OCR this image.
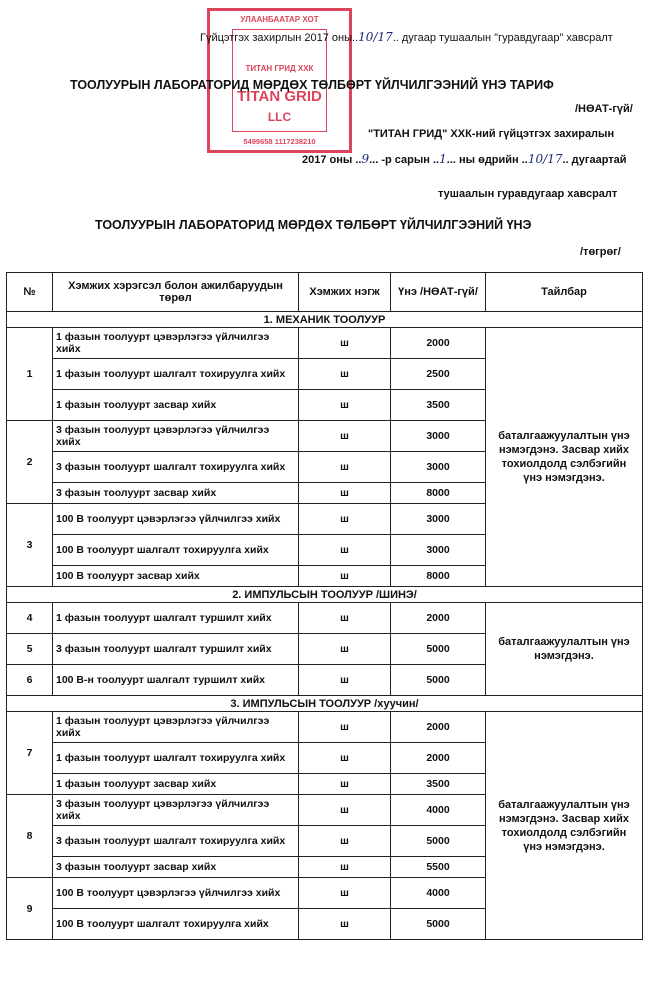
УЛААНБААТАР ХОТ
ТИТАН ГРИД ХХК
TITAN GRID
LLC
5499658 1117238210
Гүйцэтгэх захирлын 2017 оны..10/17.. дугаар тушаалын "гуравдугаар" хавсралт
ТООЛУУРЫН ЛАБОРАТОРИД МӨРДӨХ ТӨЛБӨРТ ҮЙЛЧИЛГЭЭНИЙ ҮНЭ ТАРИФ
/НӨАТ-гүй/
"ТИТАН ГРИД" ХХК-ний гүйцэтгэх захиралын
2017 оны ..9... -р сарын ..1... ны өдрийн ..10/17.. дугаартай
тушаалын гуравдугаар хавсралт
ТООЛУУРЫН ЛАБОРАТОРИД МӨРДӨХ ТӨЛБӨРТ ҮЙЛЧИЛГЭЭНИЙ ҮНЭ
/төгрөг/
№	Хэмжих хэрэгсэл болон ажилбаруудын төрөл	Хэмжих нэгж	Үнэ /НӨАТ-гүй/	Тайлбар
1. МЕХАНИК ТООЛУУР				
1	1 фазын тоолуурт цэвэрлэгээ үйлчилгээ хийх	ш	2000	баталгаажуулалтын үнэ нэмэгдэнэ. Засвар хийх тохиолдолд сэлбэгийн үнэ нэмэгдэнэ.
	1 фазын тоолуурт шалгалт тохируулга хийх	ш	2500	
	1 фазын тоолуурт засвар хийх	ш	3500	
2	3 фазын тоолуурт цэвэрлэгээ үйлчилгээ хийх	ш	3000	
	3 фазын тоолуурт шалгалт тохируулга хийх	ш	3000	
	3 фазын тоолуурт засвар хийх	ш	8000	
3	100 В тоолуурт цэвэрлэгээ үйлчилгээ хийх	ш	3000	
	100 В тоолуурт шалгалт тохируулга хийх	ш	3000	
	100 В тоолуурт засвар хийх	ш	8000	
2. ИМПУЛЬСЫН ТООЛУУР /ШИНЭ/				
4	1 фазын тоолуурт шалгалт туршилт хийх	ш	2000	баталгаажуулалтын үнэ нэмэгдэнэ.
5	3 фазын тоолуурт шалгалт туршилт хийх	ш	5000	
6	100 В-н тоолуурт шалгалт туршилт хийх	ш	5000	
3. ИМПУЛЬСЫН ТООЛУУР /хуучин/				
7	1 фазын тоолуурт цэвэрлэгээ үйлчилгээ хийх	ш	2000	баталгаажуулалтын үнэ нэмэгдэнэ. Засвар хийх тохиолдолд сэлбэгийн үнэ нэмэгдэнэ.
	1 фазын тоолуурт шалгалт тохируулга хийх	ш	2000	
	1 фазын тоолуурт засвар хийх	ш	3500	
8	3 фазын тоолуурт цэвэрлэгээ үйлчилгээ хийх	ш	4000	
	3 фазын тоолуурт шалгалт тохируулга хийх	ш	5000	
	3 фазын тоолуурт засвар хийх	ш	5500	
9	100 В тоолуурт цэвэрлэгээ үйлчилгээ хийх	ш	4000	
	100 В тоолуурт шалгалт тохируулга хийх	ш	5000	
